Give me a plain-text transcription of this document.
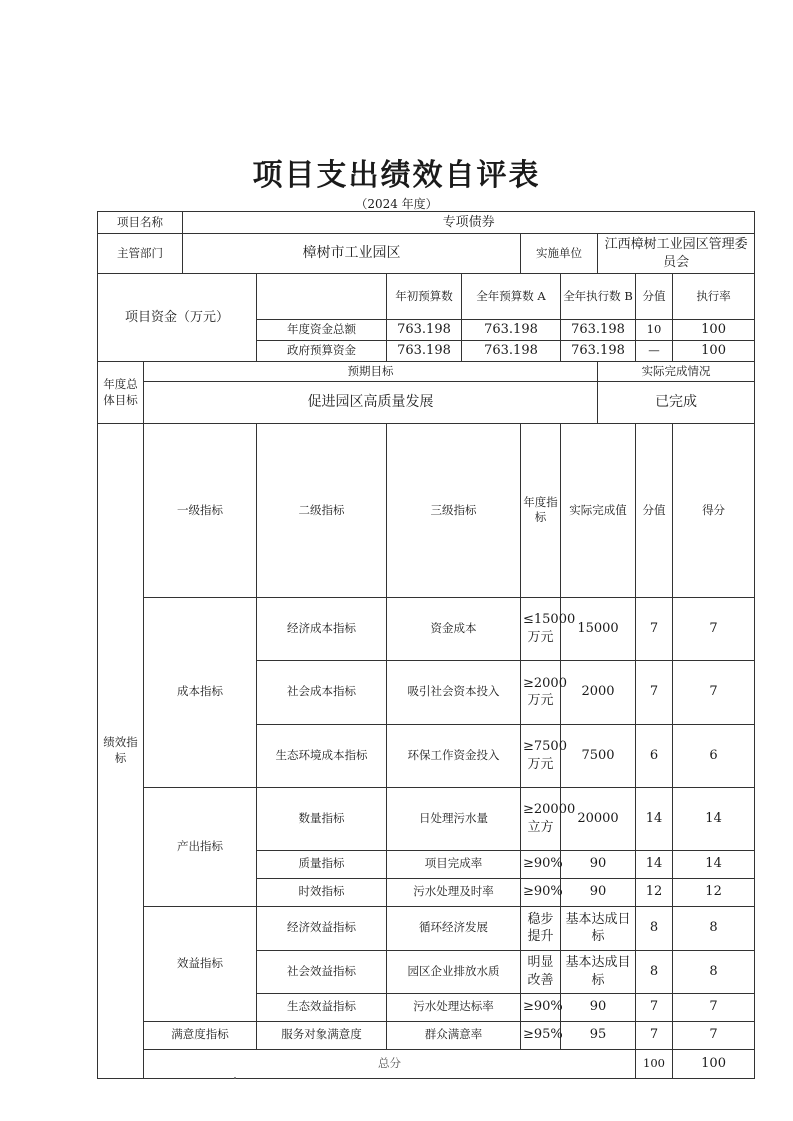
项目支出绩效自评表
（2024 年度）
项目名称		专项债券									
主管部门		樟树市工业园区				实施单位		江西樟树工业园区管理委员会			
项目资金（万元）				年初预算数	全年预算数 A		全年执行数 B		分值	执行率	
			年度资金总额	763.198	763.198		763.198		10	100	
			政府预算资金	763.198	763.198		763.198		—	100	
年度总体目标	预期目标							实际完成情况			
	促进园区高质量发展							已完成			
绩效指标	一级指标		二级指标	三级指标		年度指标	实际完成值		分值	得分	
	成本指标		经济成本指标	资金成本		≤15000万元	15000		7	7	
			社会成本指标	吸引社会资本投入		≥2000万元	2000		7	7	
			生态环境成本指标	环保工作资金投入		≥7500万元	7500		6	6	
	产出指标		数量指标	日处理污水量		≥20000立方	20000		14	14	
			质量指标	项目完成率		≥90%	90		14	14	
			时效指标	污水处理及时率		≥90%	90		12	12	
	效益指标		经济效益指标	循环经济发展		稳步提升	基本达成日标		8	8	
			社会效益指标	园区企业排放水质		明显改善	基本达成目标		8	8	
			生态效益指标	污水处理达标率		≥90%	90		7	7	
	满意度指标		服务对象满意度	群众满意率		≥95%	95		7	7	
	总分								100	100	
